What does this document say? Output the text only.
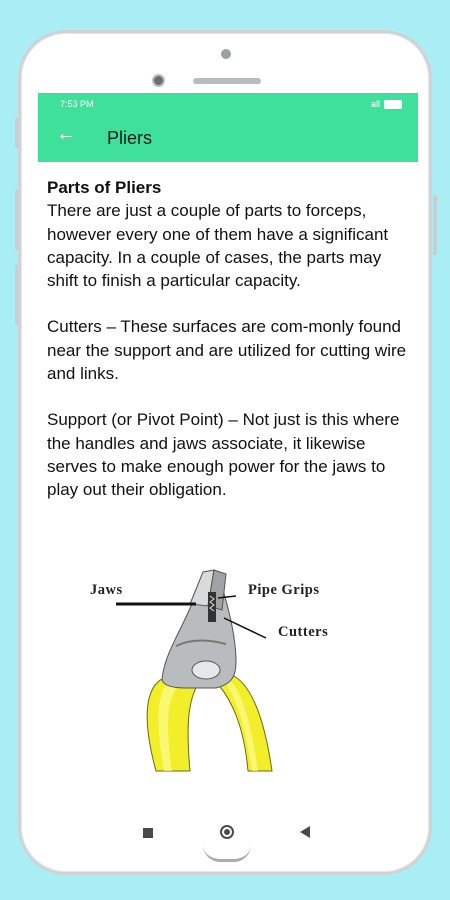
7:53 PM	all
← Pliers

Parts of Pliers

There are just a couple of parts to forceps, however every one of them have a significant capacity. In a couple of cases, the parts may shift to finish a particular capacity.

Cutters – These surfaces are com-monly found near the support and are utilized for cutting wire and links.

Support (or Pivot Point) – Not just is this where the handles and jaws associate, it likewise serves to make enough power for the jaws to play out their obligation.

Jaws	Pipe Grips
Cutters
